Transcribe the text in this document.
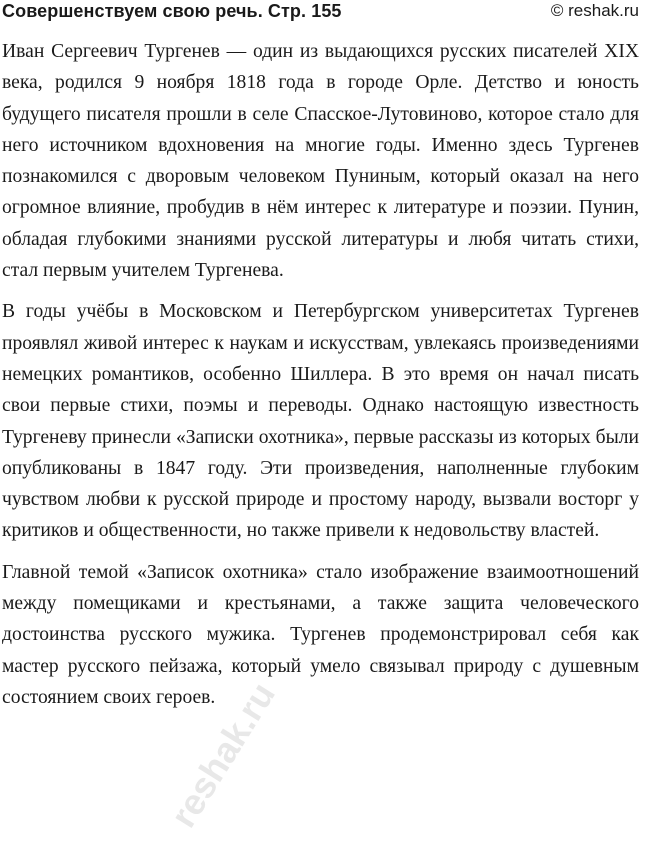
Совершенствуем свою речь. Стр. 155	© reshak.ru

Иван Сергеевич Тургенев — один из выдающихся русских писателей XIX века, родился 9 ноября 1818 года в городе Орле. Детство и юность будущего писателя прошли в селе Спасское-Лутовиново, которое стало для него источником вдохновения на многие годы. Именно здесь Тургенев познакомился с дворовым человеком Пуниным, который оказал на него огромное влияние, пробудив в нём интерес к литературе и поэзии. Пунин, обладая глубокими знаниями русской литературы и любя читать стихи, стал первым учителем Тургенева.

В годы учёбы в Московском и Петербургском университетах Тургенев проявлял живой интерес к наукам и искусствам, увлекаясь произведениями немецких романтиков, особенно Шиллера. В это время он начал писать свои первые стихи, поэмы и переводы. Однако настоящую известность Тургеневу принесли «Записки охотника», первые рассказы из которых были опубликованы в 1847 году. Эти произведения, наполненные глубоким чувством любви к русской природе и простому народу, вызвали восторг у критиков и общественности, но также привели к недовольству властей.

Главной темой «Записок охотника» стало изображение взаимоотношений между помещиками и крестьянами, а также защита человеческого достоинства русского мужика. Тургенев продемонстрировал себя как мастер русского пейзажа, который умело связывал природу с душевным состоянием своих героев.

reshak.ru
